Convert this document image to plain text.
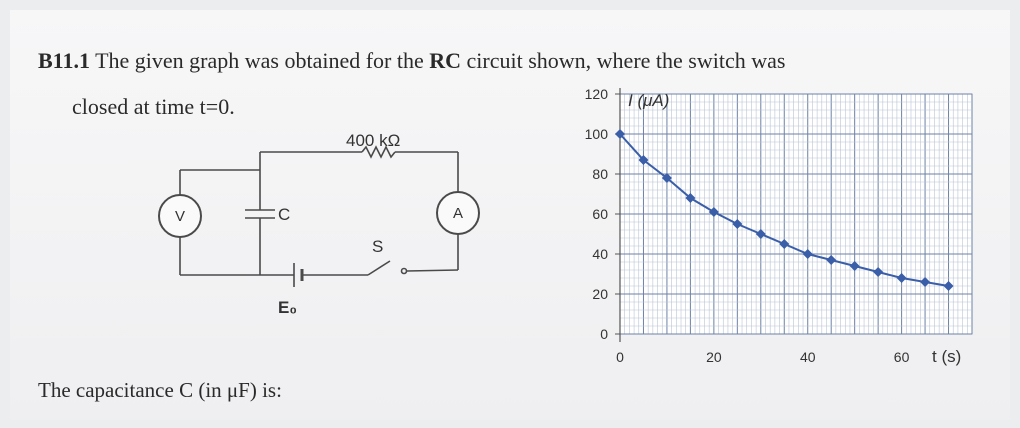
B11.1 The given graph was obtained for the RC circuit shown, where the switch was
closed at time t=0.
The capacitance C (in μF) is:
V	A
C
S
400 kΩ
E₀
0
20
40
60
80
100
120
0	20	40	60
I (μA)
t (s)
